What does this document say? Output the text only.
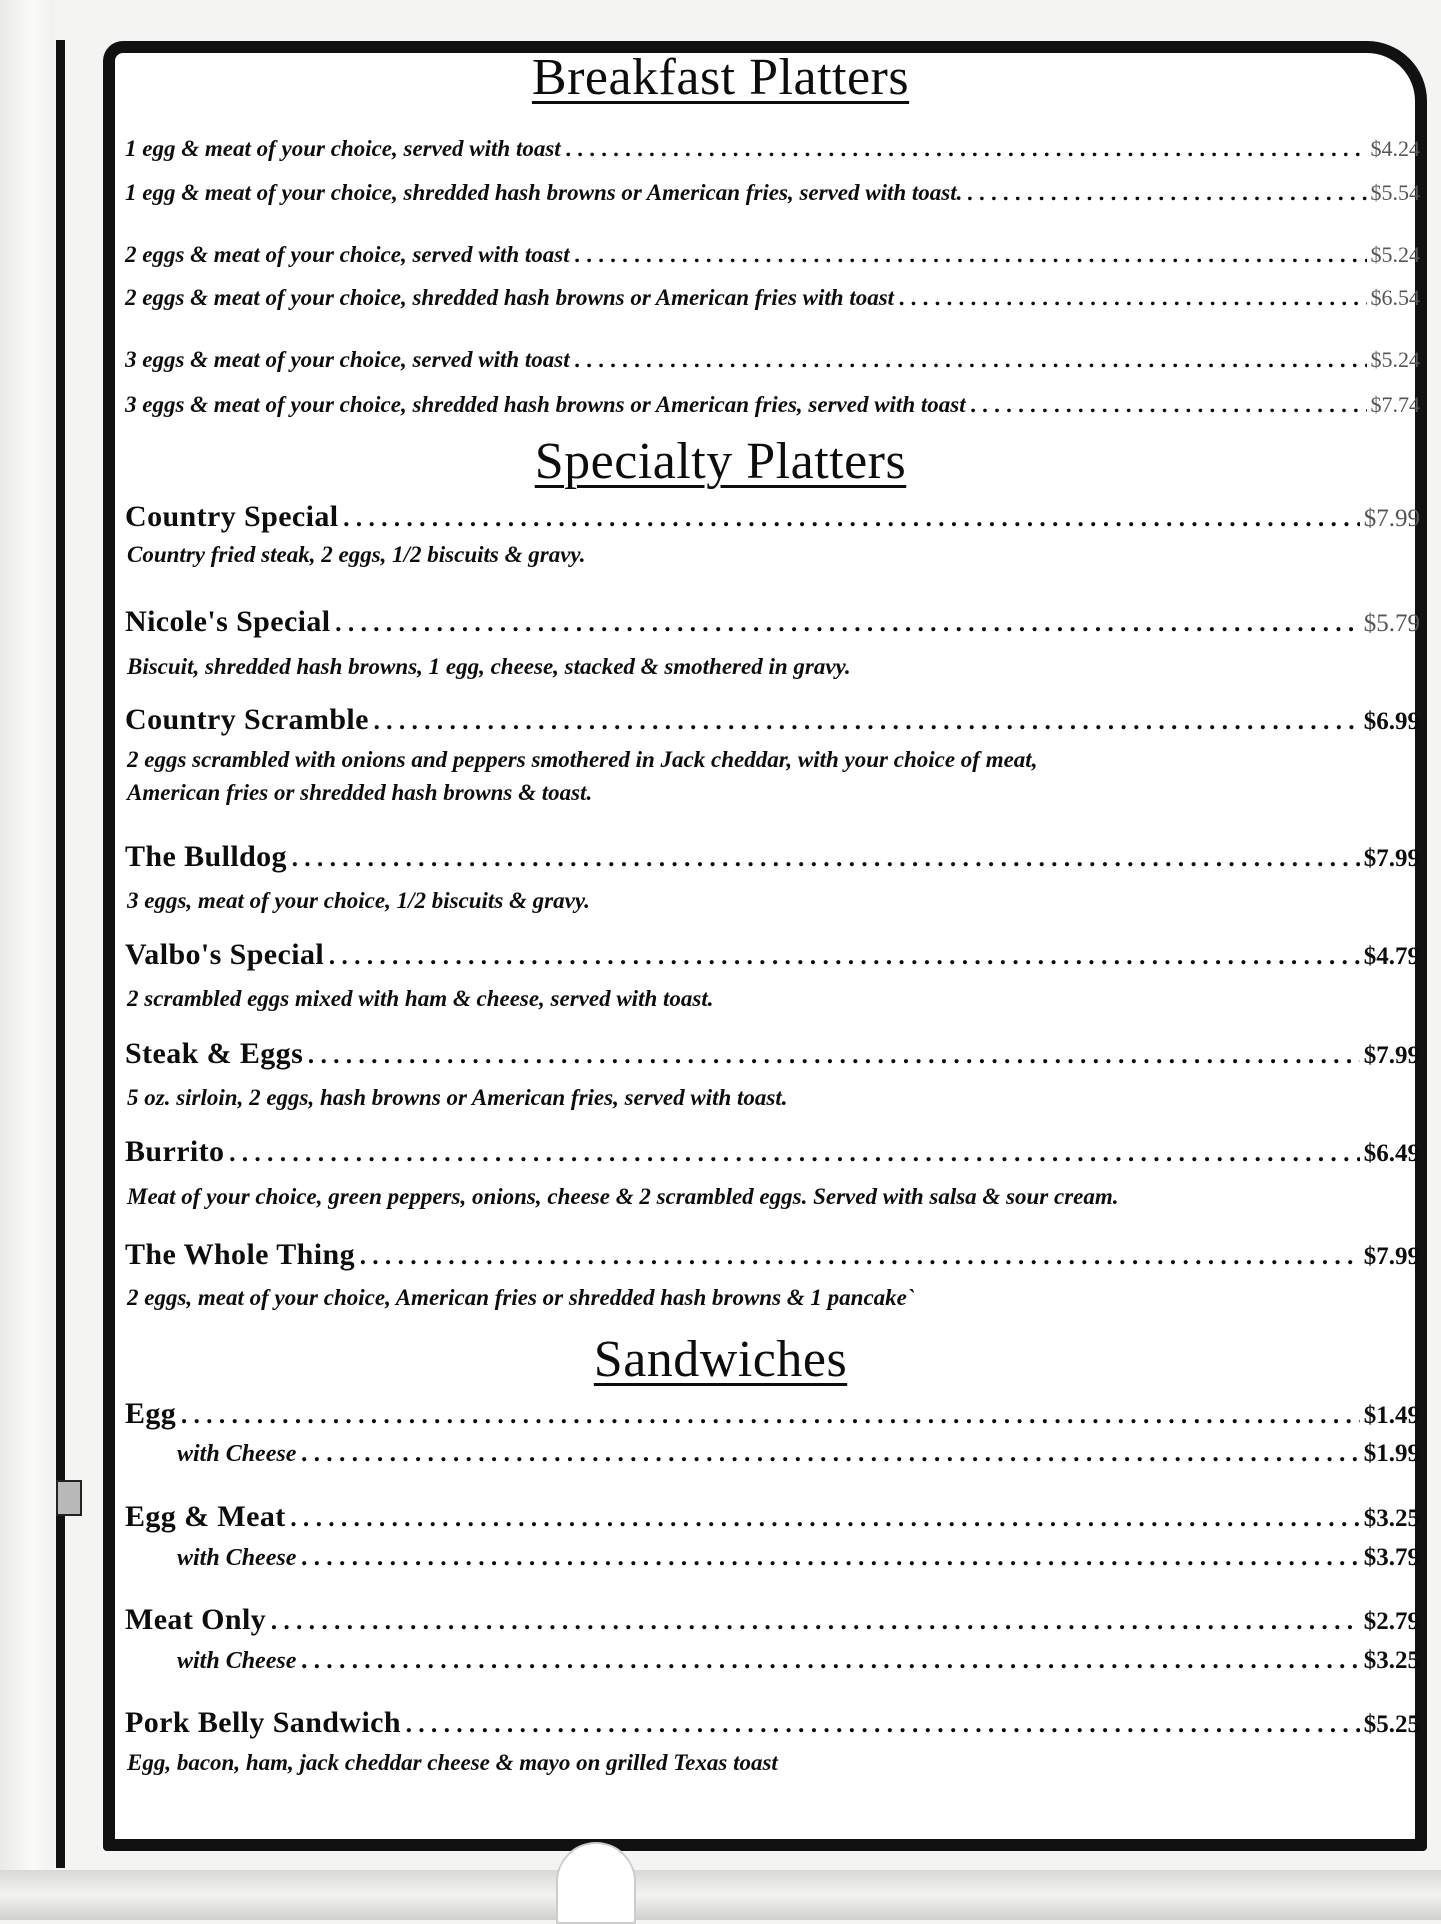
Breakfast Platters
1 egg & meat of your choice, served with toast .....	$4.24
1 egg & meat of your choice, shredded hash browns or American fries, served with toast. .....	$5.54
2 eggs & meat of your choice, served with toast .....	$5.24
2 eggs & meat of your choice, shredded hash browns or American fries with toast .....	$6.54
3 eggs & meat of your choice, served with toast .....	$5.24
3 eggs & meat of your choice, shredded hash browns or American fries, served with toast .....	$7.74
Specialty Platters
Country Special .....	$7.99

Country fried steak, 2 eggs, 1/2 biscuits & gravy.

Nicole's Special .....	$5.79

Biscuit, shredded hash browns, 1 egg, cheese, stacked & smothered in gravy.

Country Scramble .....	$6.99

2 eggs scrambled with onions and peppers smothered in Jack cheddar, with your choice of meat,

American fries or shredded hash browns & toast.

The Bulldog .....	$7.99

3 eggs, meat of your choice, 1/2 biscuits & gravy.

Valbo's Special .....	$4.79

2 scrambled eggs mixed with ham & cheese, served with toast.

Steak & Eggs .....	$7.99

5 oz. sirloin, 2 eggs, hash browns or American fries, served with toast.

Burrito .....	$6.49

Meat of your choice, green peppers, onions, cheese & 2 scrambled eggs. Served with salsa & sour cream.

The Whole Thing .....	$7.99

2 eggs, meat of your choice, American fries or shredded hash browns & 1 pancake`

Sandwiches
Egg .....	$1.49
with Cheese .....	$1.99
Egg & Meat .....	$3.25
with Cheese .....	$3.79
Meat Only .....	$2.79
with Cheese .....	$3.25
Pork Belly Sandwich .....	$5.25

Egg, bacon, ham, jack cheddar cheese & mayo on grilled Texas toast
